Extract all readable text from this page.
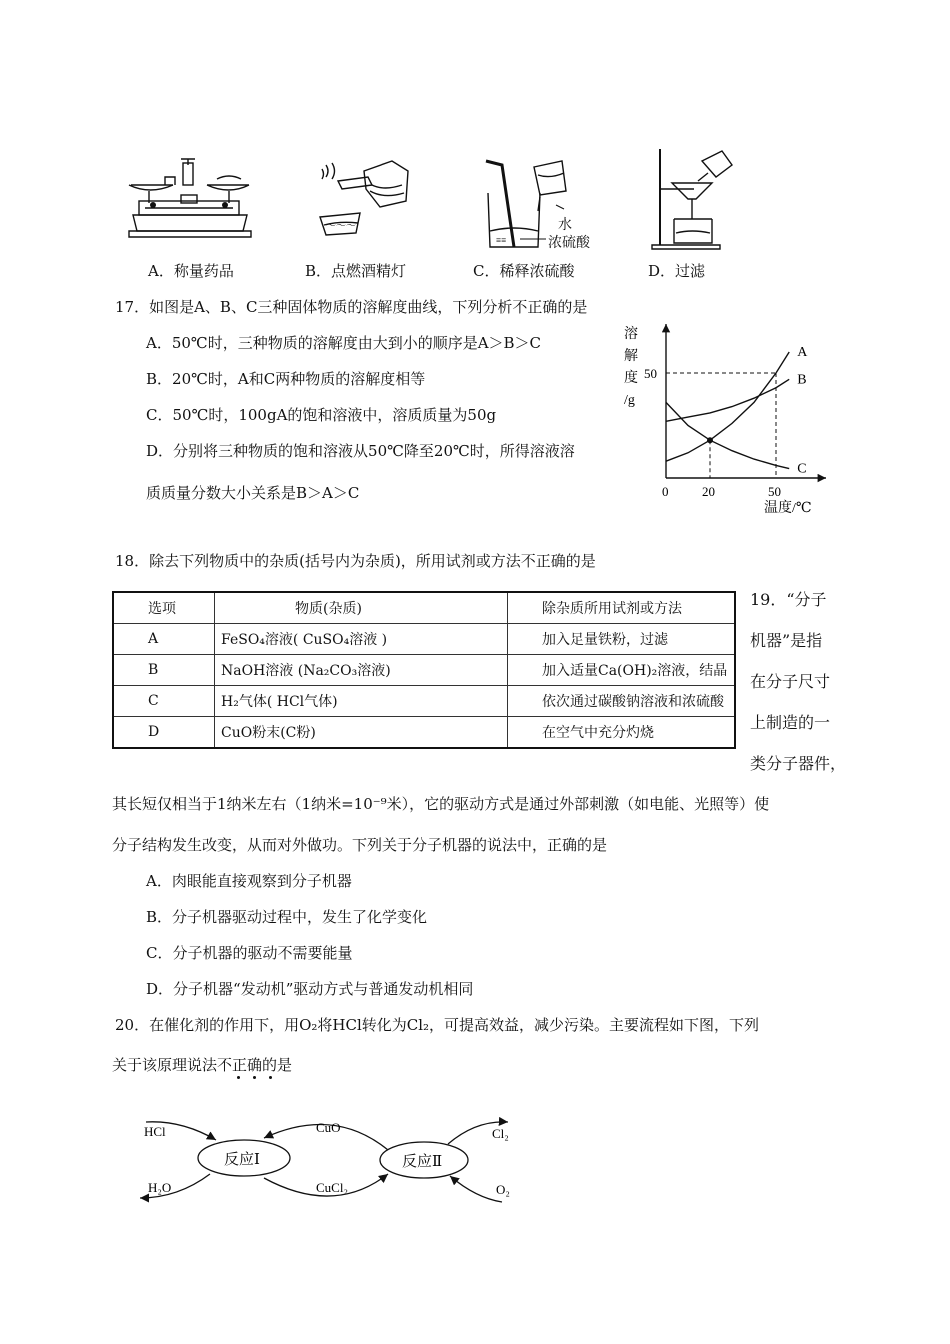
～～～
≡≡
水
浓硫酸
A．称量药品	B．点燃酒精灯	C．稀释浓硫酸	D．过滤
17．如图是A、B、C三种固体物质的溶解度曲线，下列分析不正确的是
A．50℃时，三种物质的溶解度由大到小的顺序是A＞B＞C
B．20℃时，A和C两种物质的溶解度相等
C．50℃时，100gA的饱和溶液中，溶质质量为50g
D．分别将三种物质的饱和溶液从50℃降至20℃时，所得溶液溶
质质量分数大小关系是B＞A＞C
溶
解
度
/g
A
B
C
0	20	50
50
温度/℃
18．除去下列物质中的杂质(括号内为杂质)，所用试剂或方法不正确的是
选项	物质(杂质)	除杂质所用试剂或方法
A	FeSO₄溶液( CuSO₄溶液 )	加入足量铁粉，过滤
B	NaOH溶液 (Na₂CO₃溶液)	加入适量Ca(OH)₂溶液，结晶
C	H₂气体( HCl气体)	依次通过碳酸钠溶液和浓硫酸
D	CuO粉末(C粉)	在空气中充分灼烧
19．“分子
机器”是指
在分子尺寸
上制造的一
类分子器件，
其长短仅相当于1纳米左右（1纳米=10⁻⁹米），它的驱动方式是通过外部刺激（如电能、光照等）使
分子结构发生改变，从而对外做功。下列关于分子机器的说法中，正确的是
A．肉眼能直接观察到分子机器
B．分子机器驱动过程中，发生了化学变化
C．分子机器的驱动不需要能量
D．分子机器“发动机”驱动方式与普通发动机相同
20．在催化剂的作用下，用O₂将HCl转化为Cl₂，可提高效益，减少污染。主要流程如下图，下列
关于该原理说法不正确的是
反应Ⅰ	反应Ⅱ
HCl
H₂O
CuO
CuCl₂
Cl₂
O₂
